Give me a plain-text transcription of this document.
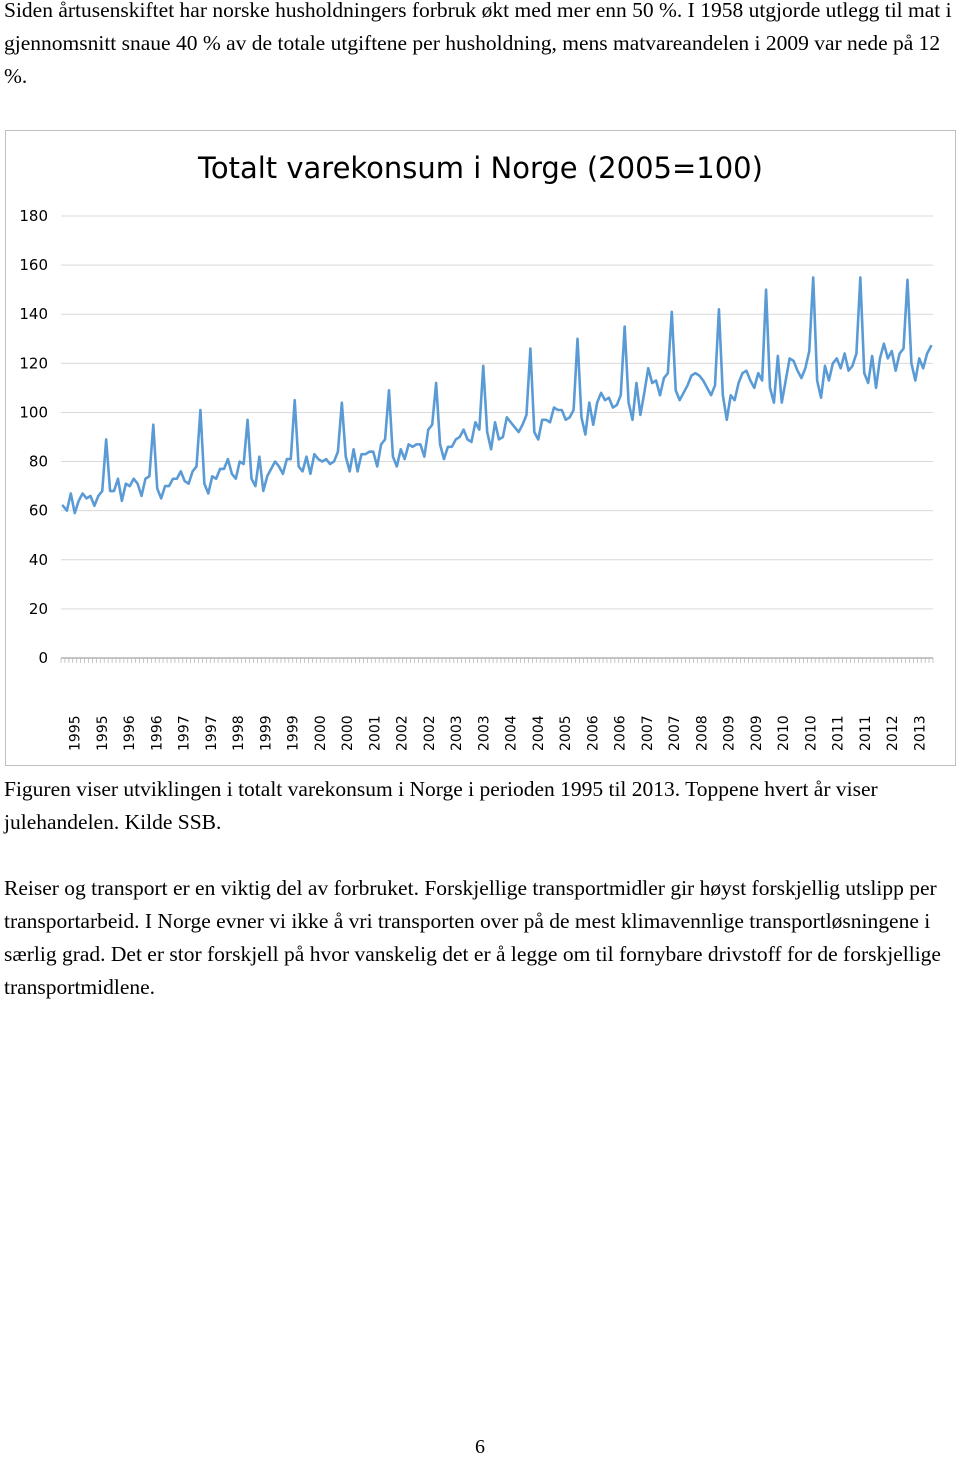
Siden årtusenskiftet har norske husholdningers forbruk økt med mer enn 50 %. I 1958 utgjorde utlegg til mat i gjennomsnitt snaue 40 % av de totale utgiftene per husholdning, mens matvareandelen i 2009 var nede på 12 %.

0
20
40
60
80
100
120
140
160
180
1995 1995 1996 1996 1997 1997 1998 1999 1999 2000 2000 2001 2002 2002 2003 2003 2004 2004 2005 2006 2006 2007 2007 2008 2009 2009 2010 2010 2011 2011 2012 2013
Totalt varekonsum i Norge (2005=100)

Figuren viser utviklingen i totalt varekonsum i Norge i perioden 1995 til 2013. Toppene hvert år viser julehandelen. Kilde SSB.

Reiser og transport er en viktig del av forbruket. Forskjellige transportmidler gir høyst forskjellig utslipp per transportarbeid. I Norge evner vi ikke å vri transporten over på de mest klimavennlige transportløsningene i særlig grad. Det er stor forskjell på hvor vanskelig det er å legge om til fornybare drivstoff for de forskjellige transportmidlene.

6
